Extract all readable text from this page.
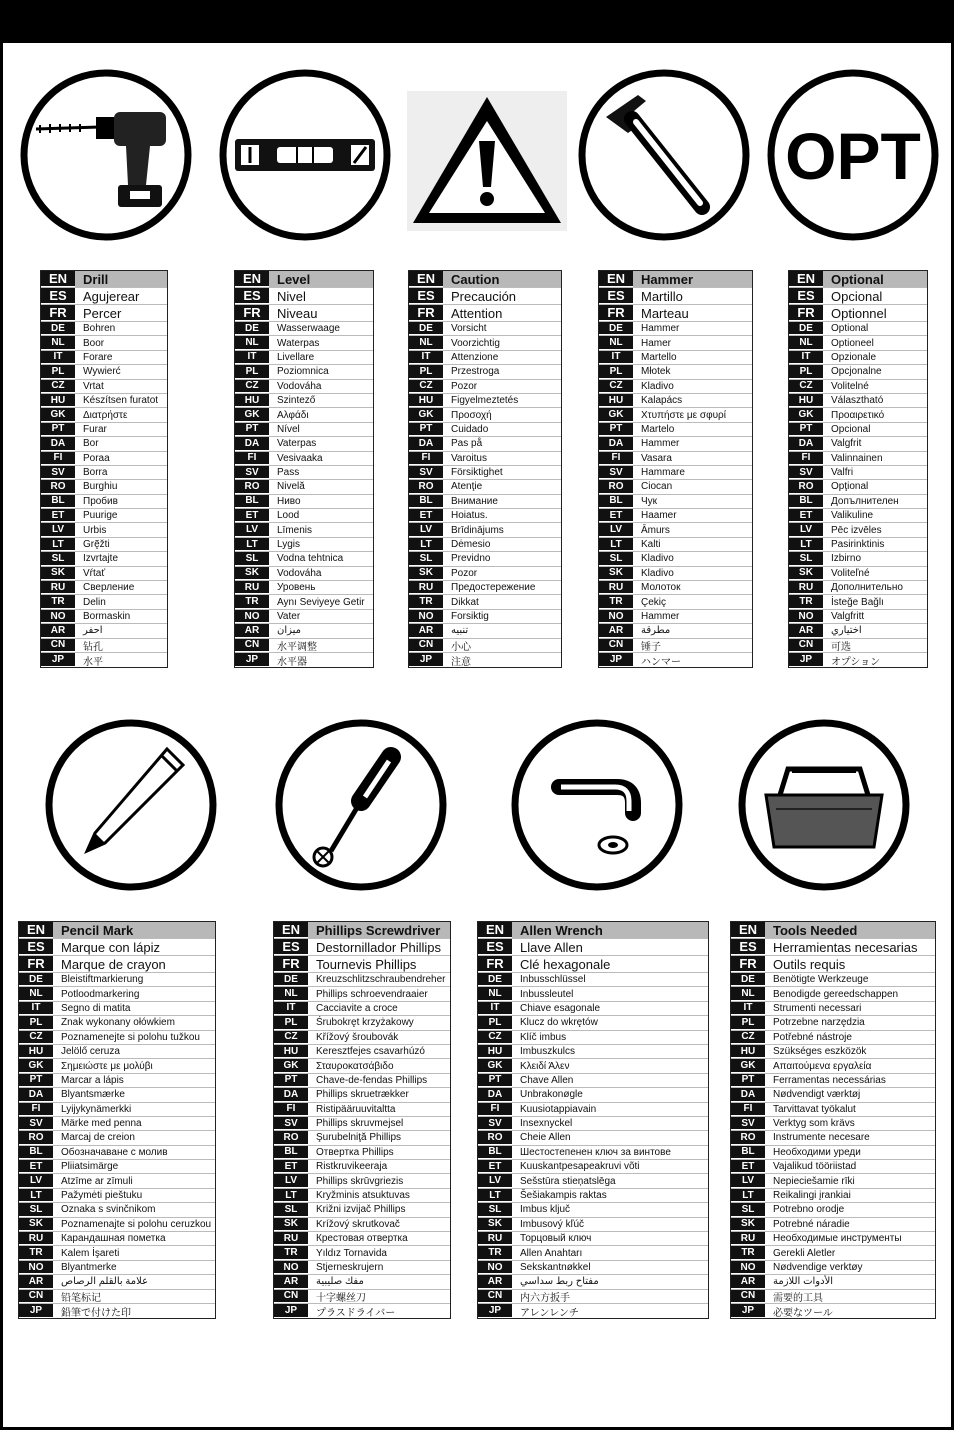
OPT
EN	Drill
ES	Agujerear
FR	Percer
DE	Bohren
NL	Boor
IT	Forare
PL	Wywierć
CZ	Vrtat
HU	Készítsen furatot
GK	Διατρήστε
PT	Furar
DA	Bor
FI	Poraa
SV	Borra
RO	Burghiu
BL	Пробив
ET	Puurige
LV	Urbis
LT	Grę̃žti
SL	Izvrtajte
SK	Vŕtať
RU	Сверление
TR	Delin
NO	Bormaskin
AR	احفر
CN	钻孔
JP	水平
EN	Level
ES	Nivel
FR	Niveau
DE	Wasserwaage
NL	Waterpas
IT	Livellare
PL	Poziomnica
CZ	Vodováha
HU	Szintező
GK	Αλφάδι
PT	Nível
DA	Vaterpas
FI	Vesivaaka
SV	Pass
RO	Nivelă
BL	Ниво
ET	Lood
LV	Līmenis
LT	Lygis
SL	Vodna tehtnica
SK	Vodováha
RU	Уровень
TR	Aynı Seviyeye Getir
NO	Vater
AR	ميزان
CN	水平调整
JP	水平器
EN	Caution
ES	Precaución
FR	Attention
DE	Vorsicht
NL	Voorzichtig
IT	Attenzione
PL	Przestroga
CZ	Pozor
HU	Figyelmeztetés
GK	Προσοχή
PT	Cuidado
DA	Pas på
FI	Varoitus
SV	Försiktighet
RO	Atenţie
BL	Внимание
ET	Hoiatus.
LV	Brīdinājums
LT	Dėmesio
SL	Previdno
SK	Pozor
RU	Предостережение
TR	Dikkat
NO	Forsiktig
AR	تنبيه
CN	小心
JP	注意
EN	Hammer
ES	Martillo
FR	Marteau
DE	Hammer
NL	Hamer
IT	Martello
PL	Młotek
CZ	Kladivo
HU	Kalapács
GK	Χτυπήστε με σφυρί
PT	Martelo
DA	Hammer
FI	Vasara
SV	Hammare
RO	Ciocan
BL	Чук
ET	Haamer
LV	Āmurs
LT	Kalti
SL	Kladivo
SK	Kladivo
RU	Молоток
TR	Çekiç
NO	Hammer
AR	مطرقة
CN	锤子
JP	ハンマー
EN	Optional
ES	Opcional
FR	Optionnel
DE	Optional
NL	Optioneel
IT	Opzionale
PL	Opcjonalne
CZ	Volitelné
HU	Választható
GK	Προαιρετικό
PT	Opcional
DA	Valgfrit
FI	Valinnainen
SV	Valfri
RO	Opţional
BL	Допълнителен
ET	Valikuline
LV	Pēc izvēles
LT	Pasirinktinis
SL	Izbirno
SK	Voliteľné
RU	Дополнительно
TR	İsteğe Bağlı
NO	Valgfritt
AR	اختياري
CN	可选
JP	オプション
EN	Pencil Mark
ES	Marque con lápiz
FR	Marque de crayon
DE	Bleistiftmarkierung
NL	Potloodmarkering
IT	Segno di matita
PL	Znak wykonany ołówkiem
CZ	Poznamenejte si polohu tužkou
HU	Jelölő ceruza
GK	Σημειώστε με μολύβι
PT	Marcar a lápis
DA	Blyantsmærke
FI	Lyijykynämerkki
SV	Märke med penna
RO	Marcaj de creion
BL	Обозначаване с молив
ET	Pliiatsimärge
LV	Atzīme ar zīmuli
LT	Pažymėti pieštuku
SL	Oznaka s svinčnikom
SK	Poznamenajte si polohu ceruzkou
RU	Карандашная пометка
TR	Kalem İşareti
NO	Blyantmerke
AR	علامة بالقلم الرصاص
CN	铅笔标记
JP	鉛筆で付けた印
EN	Phillips Screwdriver
ES	Destornillador Phillips
FR	Tournevis Phillips
DE	Kreuzschlitzschraubendreher
NL	Phillips schroevendraaier
IT	Cacciavite a croce
PL	Śrubokręt krzyżakowy
CZ	Křížový šroubovák
HU	Keresztfejes csavarhúzó
GK	Σταυροκατσάβιδο
PT	Chave-de-fendas Phillips
DA	Phillips skruetrækker
FI	Ristipääruuvitaltta
SV	Phillips skruvmejsel
RO	Şurubelniţă Phillips
BL	Отвертка Phillips
ET	Ristkruvikeeraja
LV	Phillips skrūvgriezis
LT	Kryžminis atsuktuvas
SL	Križni izvijač Phillips
SK	Krížový skrutkovač
RU	Крестовая отвертка
TR	Yıldız Tornavida
NO	Stjerneskrujern
AR	مفك صليبية
CN	十字螺丝刀
JP	プラスドライバー
EN	Allen Wrench
ES	Llave Allen
FR	Clé hexagonale
DE	Inbusschlüssel
NL	Inbussleutel
IT	Chiave esagonale
PL	Klucz do wkrętów
CZ	Klíč imbus
HU	Imbuszkulcs
GK	Κλειδί Άλεν
PT	Chave Allen
DA	Unbrakonøgle
FI	Kuusiotappiavain
SV	Insexnyckel
RO	Cheie Allen
BL	Шестостепенен ключ за винтове
ET	Kuuskantpesapeakruvi võti
LV	Sešstūra stieņatslēga
LT	Šešiakampis raktas
SL	Imbus ključ
SK	Imbusový kľúč
RU	Торцовый ключ
TR	Allen Anahtarı
NO	Sekskantnøkkel
AR	مفتاح ربط سداسي
CN	内六方扳手
JP	アレンレンチ
EN	Tools Needed
ES	Herramientas necesarias
FR	Outils requis
DE	Benötigte Werkzeuge
NL	Benodigde gereedschappen
IT	Strumenti necessari
PL	Potrzebne narzędzia
CZ	Potřebné nástroje
HU	Szükséges eszközök
GK	Απαιτούμενα εργαλεία
PT	Ferramentas necessárias
DA	Nødvendigt værktøj
FI	Tarvittavat työkalut
SV	Verktyg som krävs
RO	Instrumente necesare
BL	Необходими уреди
ET	Vajalikud tööriistad
LV	Nepieciešamie rīki
LT	Reikalingi įrankiai
SL	Potrebno orodje
SK	Potrebné náradie
RU	Необходимые инструменты
TR	Gerekli Aletler
NO	Nødvendige verktøy
AR	الأدوات اللازمة
CN	需要的工具
JP	必要なツール
